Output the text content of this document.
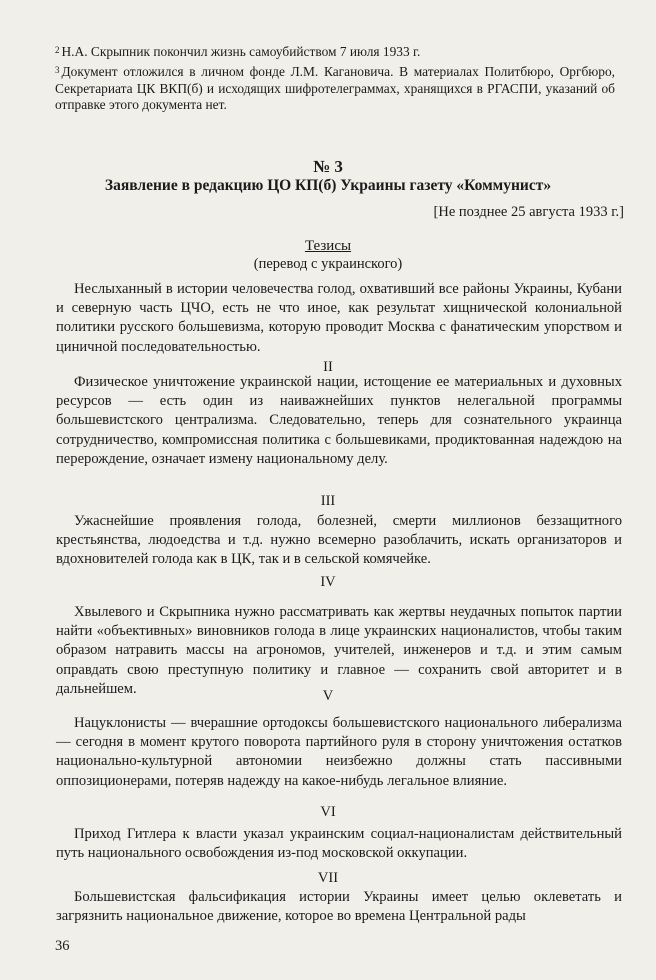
$^2$ Н.А. Скрыпник покончил жизнь самоубийством 7 июля 1933 г.
$^3$ Документ отложился в личном фонде Л.М. Кагановича. В материалах Политбюро, Оргбюро, Секретариата ЦК ВКП(б) и исходящих шифротелеграммах, хранящихся в РГАСПИ, указаний об отправке этого документа нет.
№ 3
Заявление в редакцию ЦО КП(б) Украины газету «Коммунист»
[Не позднее 25 августа 1933 г.]
Тезисы
(перевод с украинского)

Неслыханный в истории человечества голод, охвативший все районы Украины, Кубани и северную часть ЦЧО, есть не что иное, как результат хищнической колониальной политики русского большевизма, которую проводит Москва с фанатическим упорством и циничной последовательностью.

II

Физическое уничтожение украинской нации, истощение ее материальных и духовных ресурсов — есть один из наиважнейших пунктов нелегальной программы большевистского централизма. Следовательно, теперь для сознательного украинца сотрудничество, компромиссная политика с большевиками, продиктованная надеждою на перерождение, означает измену национальному делу.

III

Ужаснейшие проявления голода, болезней, смерти миллионов беззащитного крестьянства, людоедства и т.д. нужно всемерно разоблачить, искать организаторов и вдохновителей голода как в ЦК, так и в сельской комячейке.

IV

Хвылевого и Скрыпника нужно рассматривать как жертвы неудачных попыток партии найти «объективных» виновников голода в лице украинских националистов, чтобы таким образом натравить массы на агрономов, учителей, инженеров и т.д. и этим самым оправдать свою преступную политику и главное — сохранить свой авторитет и в дальнейшем.	V

Нацуклонисты — вчерашние ортодоксы большевистского национального либерализма — сегодня в момент крутого поворота партийного руля в сторону уничтожения остатков национально-культурной автономии неизбежно должны стать пассивными оппозиционерами, потеряв надежду на какое-нибудь легальное влияние.

VI

Приход Гитлера к власти указал украинским социал-националистам действительный путь национального освобождения из-под московской оккупации.

VII

Большевистская фальсификация истории Украины имеет целью оклеветать и загрязнить национальное движение, которое во времена Центральной рады

36
